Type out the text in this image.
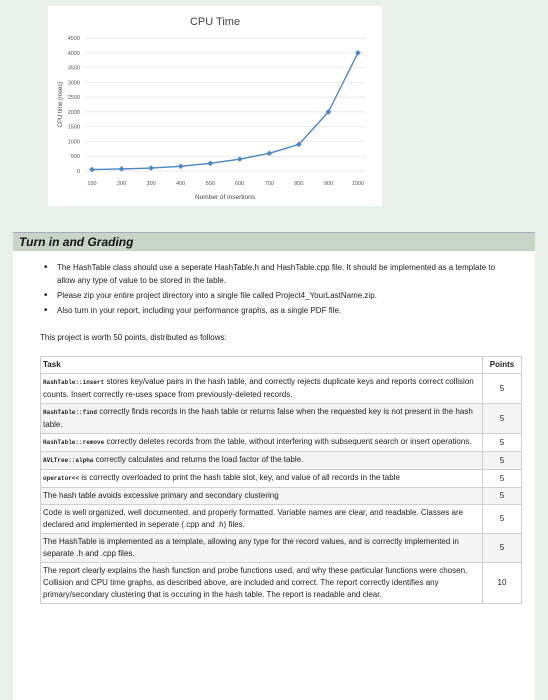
CPU Time
0
500
1000
1500
2000
2500
3000
3500
4000
4500
100	200	300	400	500	600	700	800	900	1000
Number of insertions
CPU time (msec)
Turn in and Grading
• The HashTable class should use a seperate HashTable.h and HashTable.cpp file. It should be implemented as a template to allow any type of value to be stored in the table.
• Please zip your entire project directory into a single file called Project4_YourLastName.zip.
• Also turn in your report, including your performance graphs, as a single PDF file.
This project is worth 50 points, distributed as follows:
Task	Points
HashTable::insert stores key/value pairs in the hash table, and correctly rejects duplicate keys and reports correct collision counts. Insert correctly re-uses space from previously-deleted records.	5
HashTable::find correctly finds records in the hash table or returns false when the requested key is not present in the hash table.	5
HashTable::remove correctly deletes records from the table, without interfering with subsequent search or insert operations.	5
AVLTree::alpha correctly calculates and returns the load factor of the table.	5
operator<< is correctly overloaded to print the hash table slot, key, and value of all records in the table	5
The hash table avoids excessive primary and secondary clustering	5
Code is well organized, well documented, and properly formatted. Variable names are clear, and readable. Classes are declared and implemented in seperate (.cpp and .h) files.	5
The HashTable is implemented as a template, allowing any type for the record values, and is correctly implemented in separate .h and .cpp files.	5
The report clearly explains the hash function and probe functions used, and why these particular functions were chosen. Collision and CPU time graphs, as described above, are included and correct. The report correctly identifies any primary/secondary clustering that is occuring in the hash table. The report is readable and clear.	10
